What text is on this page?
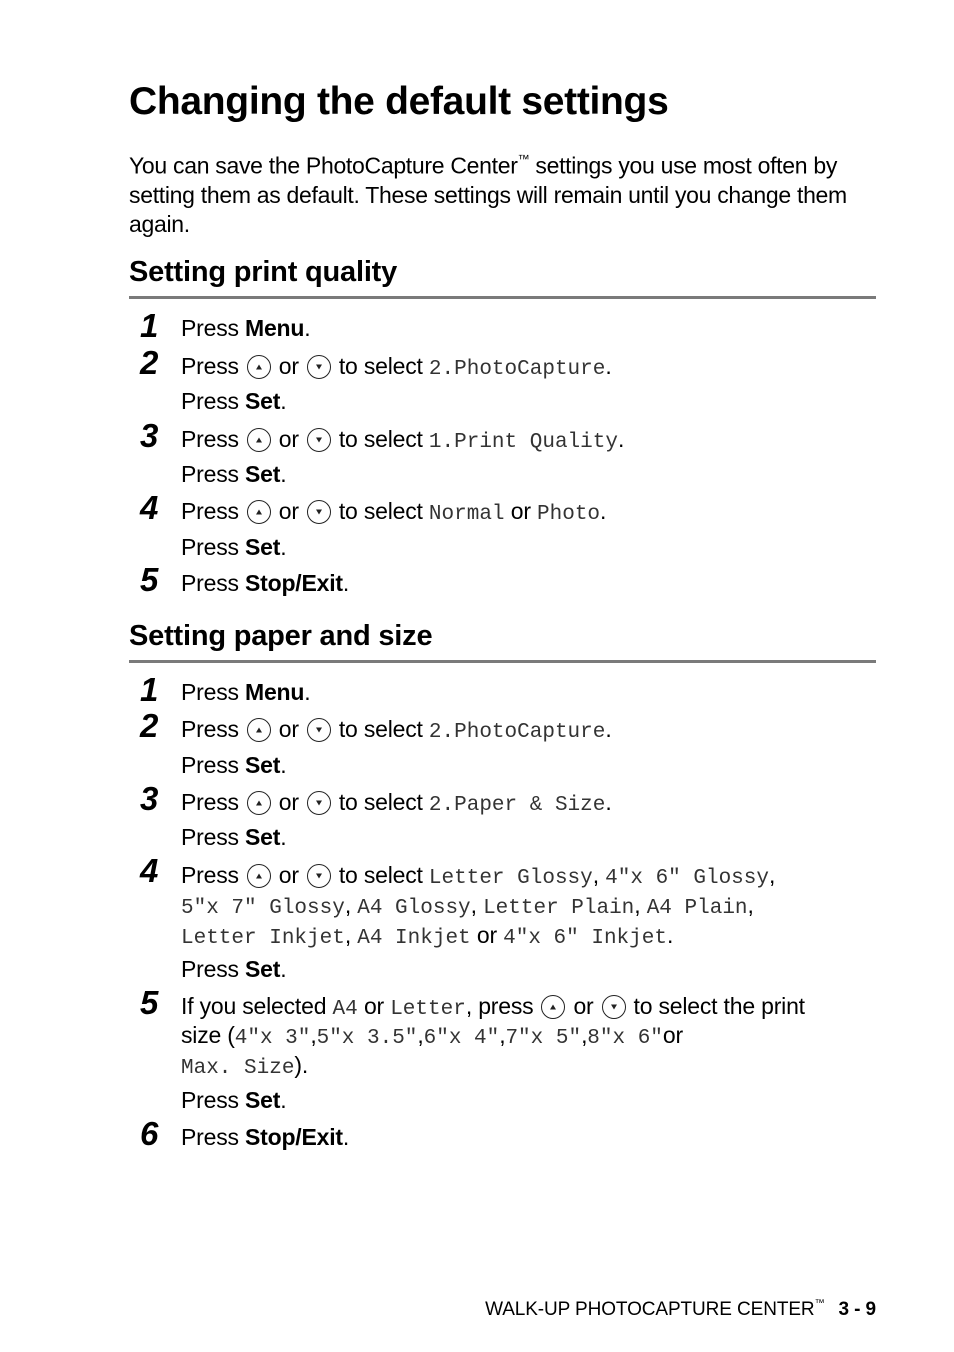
Changing the default settings

You can save the PhotoCapture Center™ settings you use most often by setting them as default. These settings will remain until you change them again.

Setting print quality
1 Press Menu.
2 Press or to select 2.PhotoCapture.
Press Set.
3 Press or to select 1.Print Quality.
Press Set.
4 Press or to select Normal or Photo.
Press Set.
5 Press Stop/Exit.
Setting paper and size
1 Press Menu.
2 Press or to select 2.PhotoCapture.
Press Set.
3 Press or to select 2.Paper & Size.
Press Set.
4 Press or to select Letter Glossy, 4″x 6″ Glossy,
5″x 7″ Glossy, A4 Glossy, Letter Plain, A4 Plain,
Letter Inkjet, A4 Inkjet or 4″x 6″ Inkjet.
Press Set.
5 If you selected A4 or Letter, press or to select the print
size (4″x 3″,5″x 3.5″,6″x 4″,7″x 5″,8″x 6″or
Max. Size).
Press Set.
6 Press Stop/Exit.
WALK-UP PHOTOCAPTURE CENTER™ 3 - 9
